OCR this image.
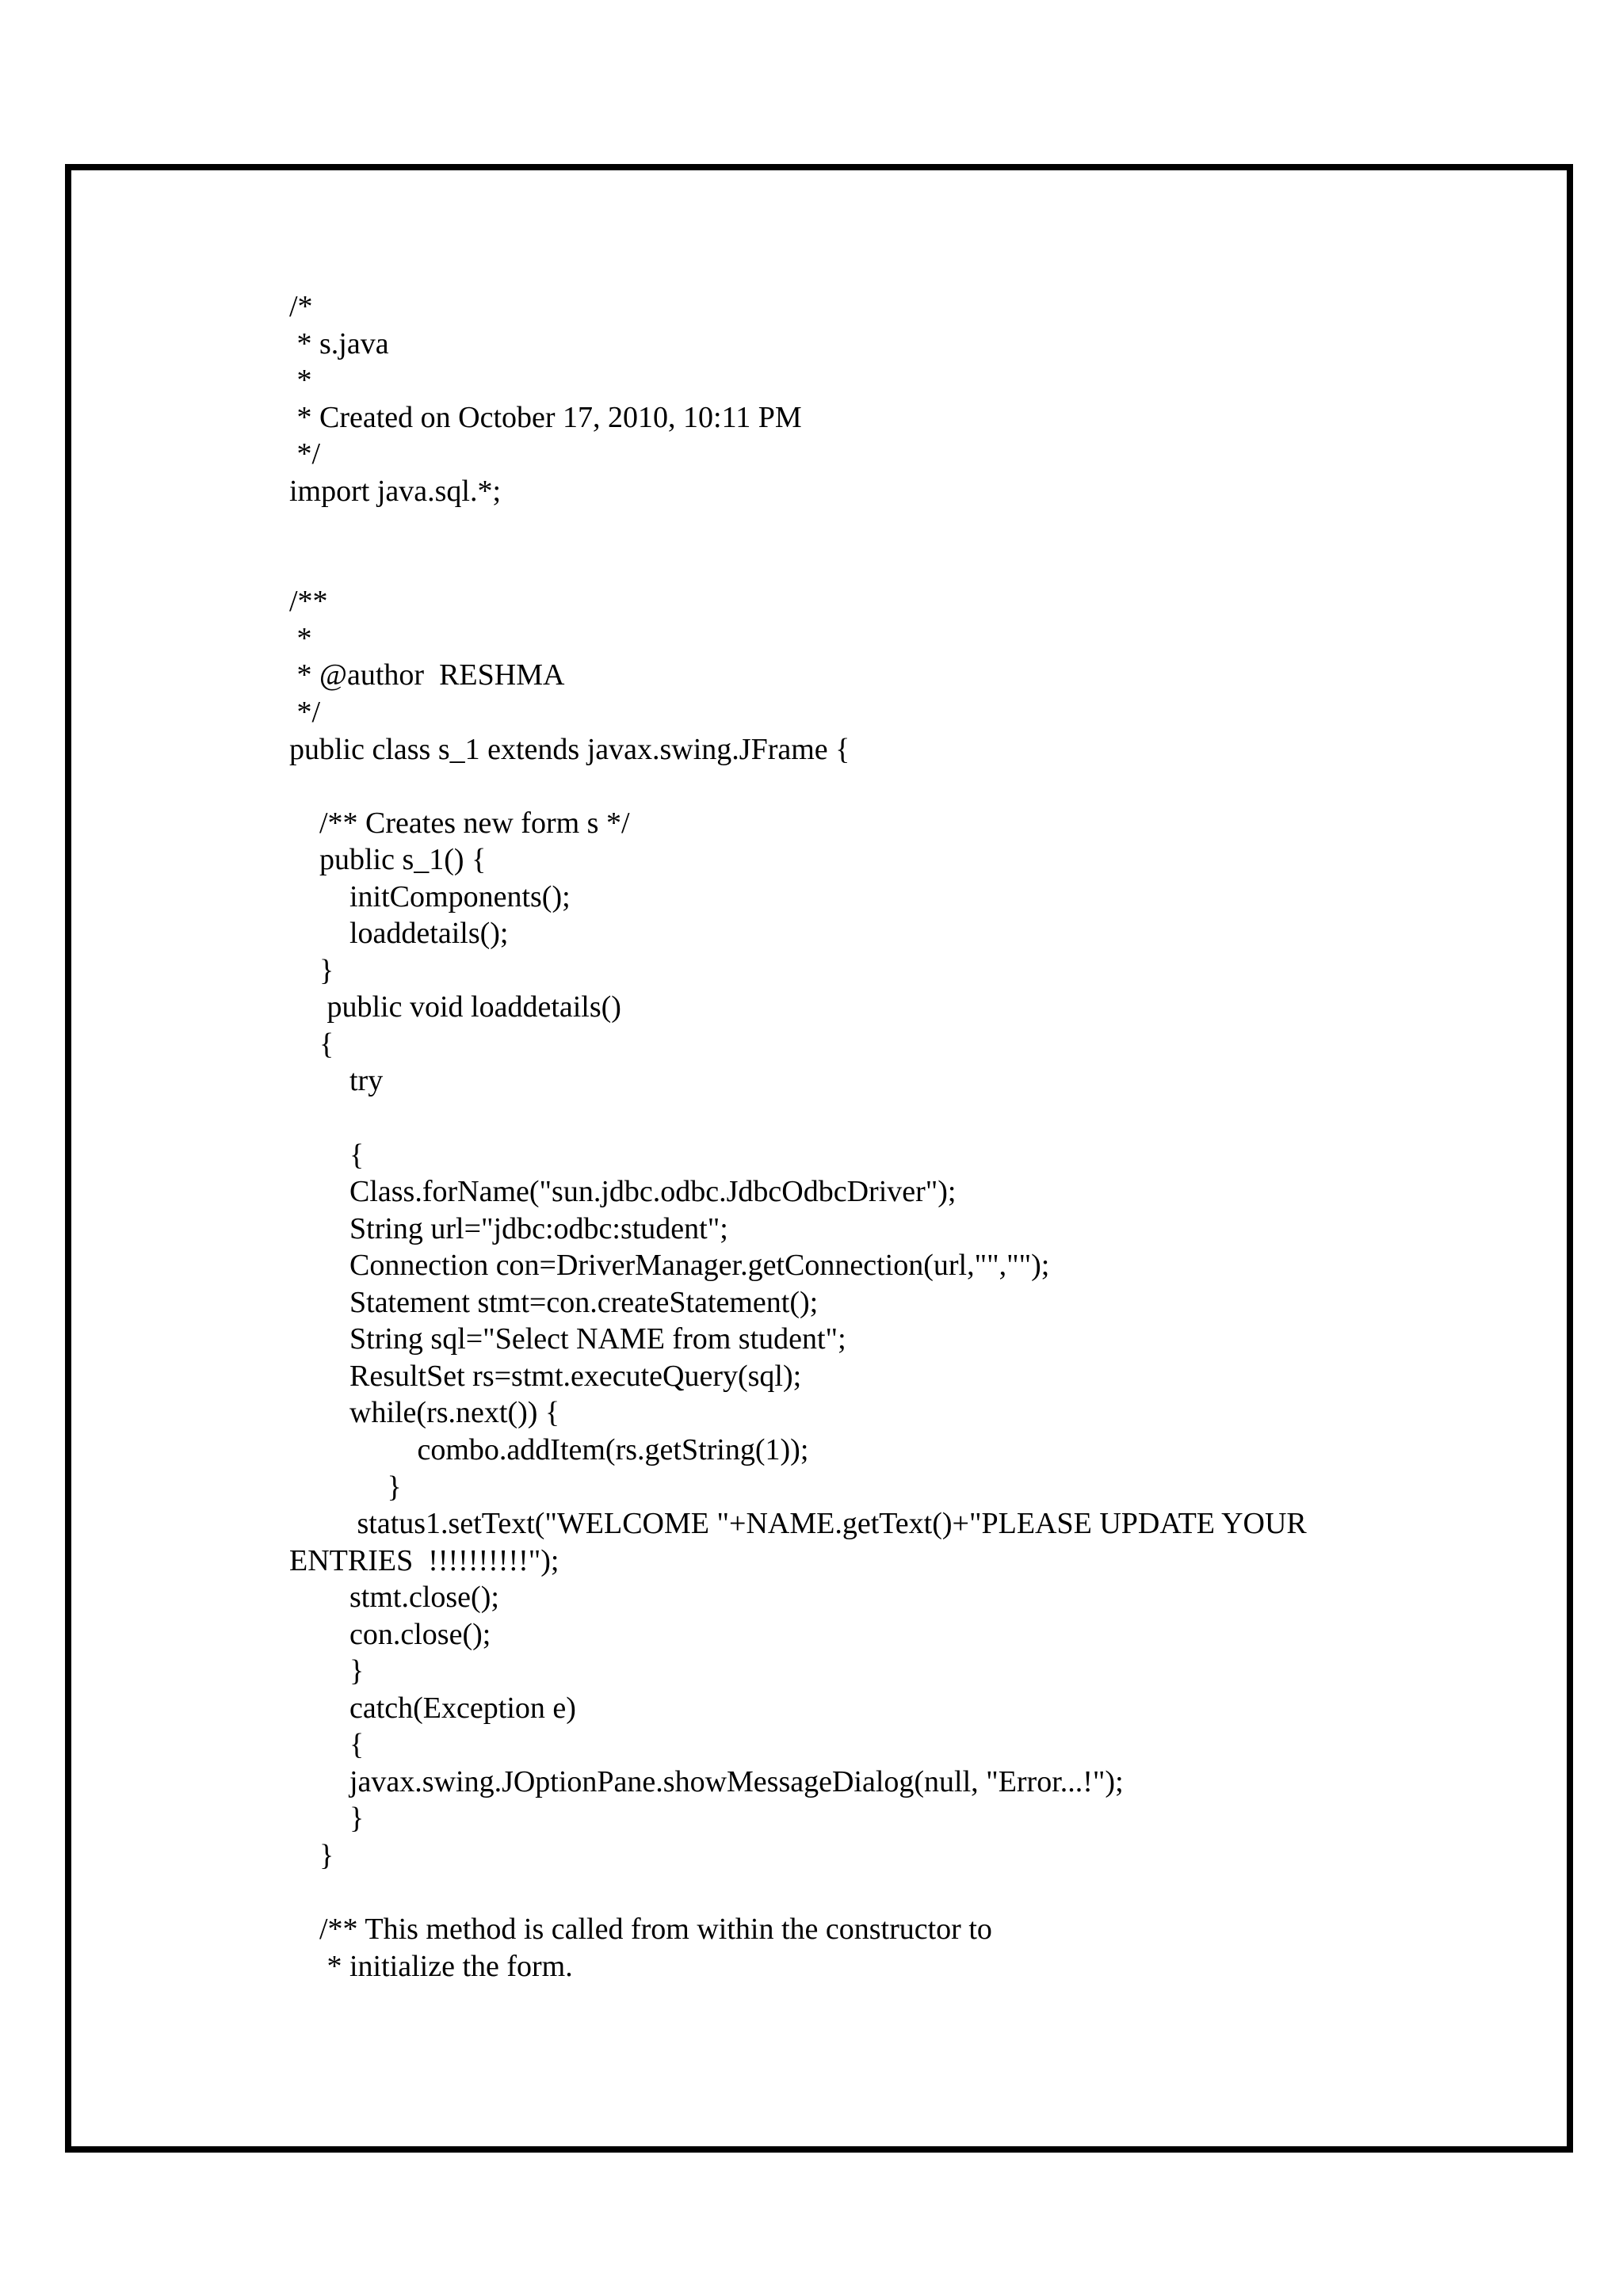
/*
* s.java
*
* Created on October 17, 2010, 10:11 PM
*/
import java.sql.*;
/**
*
* @author  RESHMA
*/
public class s_1 extends javax.swing.JFrame {
/** Creates new form s */
public s_1() {
initComponents();
loaddetails();
}
public void loaddetails()
{
try
{
Class.forName("sun.jdbc.odbc.JdbcOdbcDriver");
String url="jdbc:odbc:student";
Connection con=DriverManager.getConnection(url,"","");
Statement stmt=con.createStatement();
String sql="Select NAME from student";
ResultSet rs=stmt.executeQuery(sql);
while(rs.next()) {
combo.addItem(rs.getString(1));
}
status1.setText("WELCOME "+NAME.getText()+"PLEASE UPDATE YOUR
ENTRIES  !!!!!!!!!!");
stmt.close();
con.close();
}
catch(Exception e)
{
javax.swing.JOptionPane.showMessageDialog(null, "Error...!");
}
}
/** This method is called from within the constructor to
* initialize the form.
